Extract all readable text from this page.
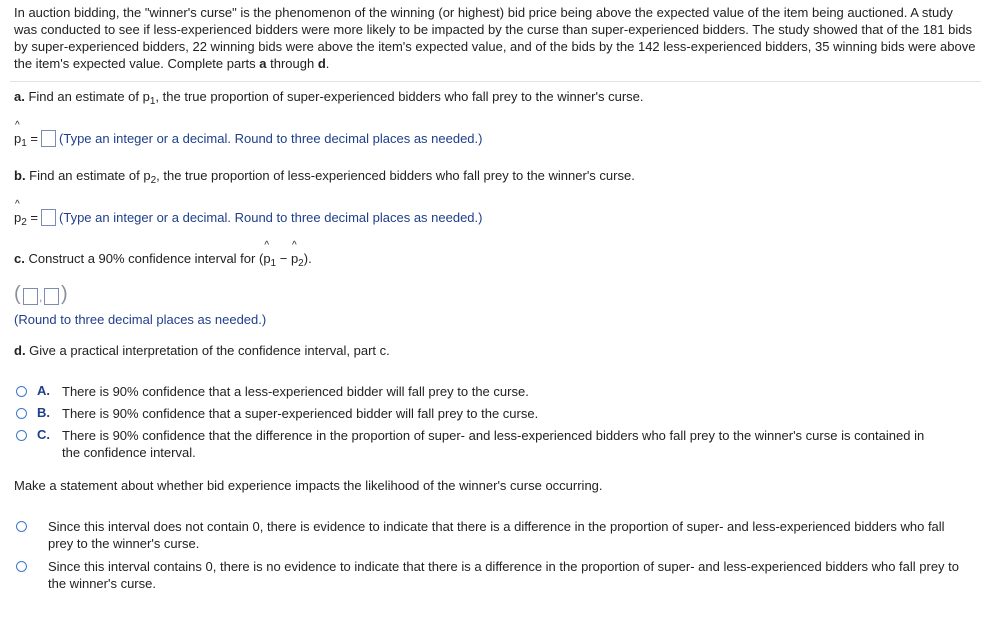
In auction bidding, the "winner's curse" is the phenomenon of the winning (or highest) bid price being above the expected value of the item being auctioned. A study was conducted to see if less-experienced bidders were more likely to be impacted by the curse than super-experienced bidders. The study showed that of the 181 bids by super-experienced bidders, 22 winning bids were above the item's expected value, and of the bids by the 142 less-experienced bidders, 35 winning bids were above the item's expected value. Complete parts a through d.
a. Find an estimate of $p_1$, the true proportion of super-experienced bidders who fall prey to the winner's curse.
^ $p_1$ = (Type an integer or a decimal. Round to three decimal places as needed.)
b. Find an estimate of $p_2$, the true proportion of less-experienced bidders who fall prey to the winner's curse.
^ $p_2$ = (Type an integer or a decimal. Round to three decimal places as needed.)
c. Construct a 90% confidence interval for (^ $p_1$ − ^ $p_2$).
( , )
(Round to three decimal places as needed.)
d. Give a practical interpretation of the confidence interval, part c.
A. There is 90% confidence that a less-experienced bidder will fall prey to the curse.
B. There is 90% confidence that a super-experienced bidder will fall prey to the curse.
C. There is 90% confidence that the difference in the proportion of super- and less-experienced bidders who fall prey to the winner's curse is contained in the confidence interval.
Make a statement about whether bid experience impacts the likelihood of the winner's curse occurring.
Since this interval does not contain 0, there is evidence to indicate that there is a difference in the proportion of super- and less-experienced bidders who fall prey to the winner's curse.
Since this interval contains 0, there is no evidence to indicate that there is a difference in the proportion of super- and less-experienced bidders who fall prey to the winner's curse.
